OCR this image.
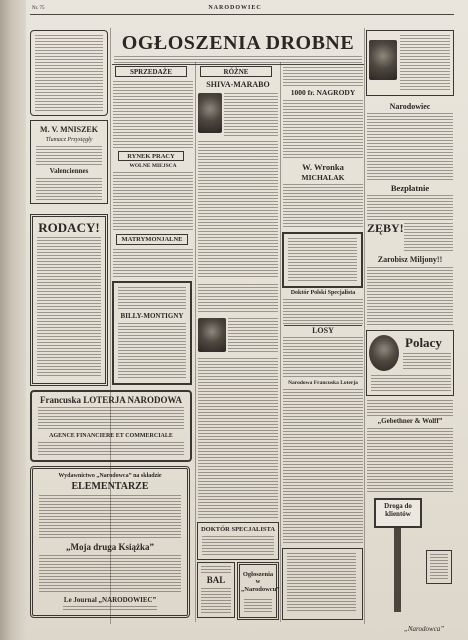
Nr. 75	NARODOWIEC
OGŁOSZENIA DROBNE
M. V. MNISZEK
Tlumacz Przysięgły
Valenciennes
RODACY!
Francuska LOTERJA NARODOWA
AGENCE FINANCIERE ET COMMERCIALE
Wydawnictwo „Narodowca” na składzie
ELEMENTARZE
„Moja druga Książka”
Le Journal „NARODOWIEC”
SPRZEDAŻE
RYNEK PRACY
WOLNE MIEJSCA
MATRYMONJALNE
BILLY-MONTIGNY
RÓŻNE
SHIVA-MARABO
DOKTÓR SPECJALISTA
BAL
Ogłoszenia w „Narodowcu”
1000 fr. NAGRODY
W. Wronka
MICHALAK
Doktór Polski Specjalista
LOSY
Narodowa Francuska Loterja
Narodowiec
Bezpłatnie
ZĘBY!
Zarobisz Miljony!!
Polacy
„Gebethner & Wolff”
Droga do klientów
„Narodowca”
